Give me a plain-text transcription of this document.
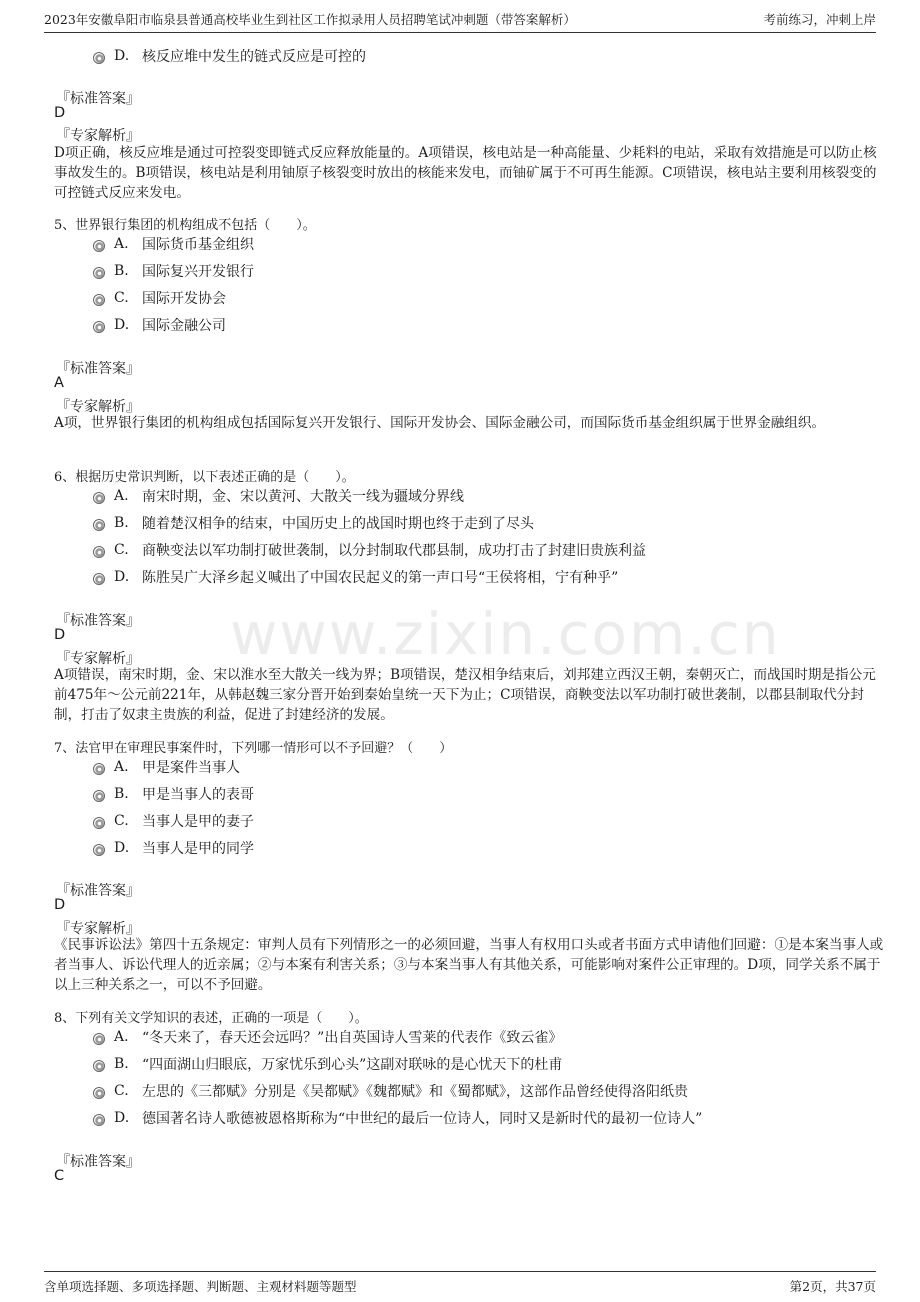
2023年安徽阜阳市临泉县普通高校毕业生到社区工作拟录用人员招聘笔试冲刺题（带答案解析）	考前练习，冲刺上岸
www.zixin.com.cn
D. 核反应堆中发生的链式反应是可控的
『标准答案』
D
『专家解析』
D项正确，核反应堆是通过可控裂变即链式反应释放能量的。A项错误，核电站是一种高能量、少耗料的电站，采取有效措施是可以防止核事故发生的。B项错误，核电站是利用铀原子核裂变时放出的核能来发电，而铀矿属于不可再生能源。C项错误，核电站主要利用核裂变的可控链式反应来发电。
5、世界银行集团的机构组成不包括（　　）。
A. 国际货币基金组织
B. 国际复兴开发银行
C. 国际开发协会
D. 国际金融公司
『标准答案』
A
『专家解析』
A项，世界银行集团的机构组成包括国际复兴开发银行、国际开发协会、国际金融公司，而国际货币基金组织属于世界金融组织。
6、根据历史常识判断，以下表述正确的是（　　）。
A. 南宋时期，金、宋以黄河、大散关一线为疆域分界线
B. 随着楚汉相争的结束，中国历史上的战国时期也终于走到了尽头
C. 商鞅变法以军功制打破世袭制，以分封制取代郡县制，成功打击了封建旧贵族利益
D. 陈胜吴广大泽乡起义喊出了中国农民起义的第一声口号“王侯将相，宁有种乎”
『标准答案』
D
『专家解析』
A项错误，南宋时期，金、宋以淮水至大散关一线为界；B项错误，楚汉相争结束后，刘邦建立西汉王朝，秦朝灭亡，而战国时期是指公元前475年～公元前221年，从韩赵魏三家分晋开始到秦始皇统一天下为止；C项错误，商鞅变法以军功制打破世袭制，以郡县制取代分封制，打击了奴隶主贵族的利益，促进了封建经济的发展。
7、法官甲在审理民事案件时，下列哪一情形可以不予回避？（　　）
A. 甲是案件当事人
B. 甲是当事人的表哥
C. 当事人是甲的妻子
D. 当事人是甲的同学
『标准答案』
D
『专家解析』
《民事诉讼法》第四十五条规定：审判人员有下列情形之一的必须回避，当事人有权用口头或者书面方式申请他们回避：①是本案当事人或者当事人、诉讼代理人的近亲属；②与本案有利害关系；③与本案当事人有其他关系，可能影响对案件公正审理的。D项，同学关系不属于以上三种关系之一，可以不予回避。
8、下列有关文学知识的表述，正确的一项是（　　）。
A. “冬天来了，春天还会远吗？”出自英国诗人雪莱的代表作《致云雀》
B. “四面湖山归眼底，万家忧乐到心头”这副对联咏的是心忧天下的杜甫
C. 左思的《三都赋》分别是《吴都赋》《魏都赋》和《蜀都赋》，这部作品曾经使得洛阳纸贵
D. 德国著名诗人歌德被恩格斯称为“中世纪的最后一位诗人，同时又是新时代的最初一位诗人”
『标准答案』
C
含单项选择题、多项选择题、判断题、主观材料题等题型	第2页，共37页
